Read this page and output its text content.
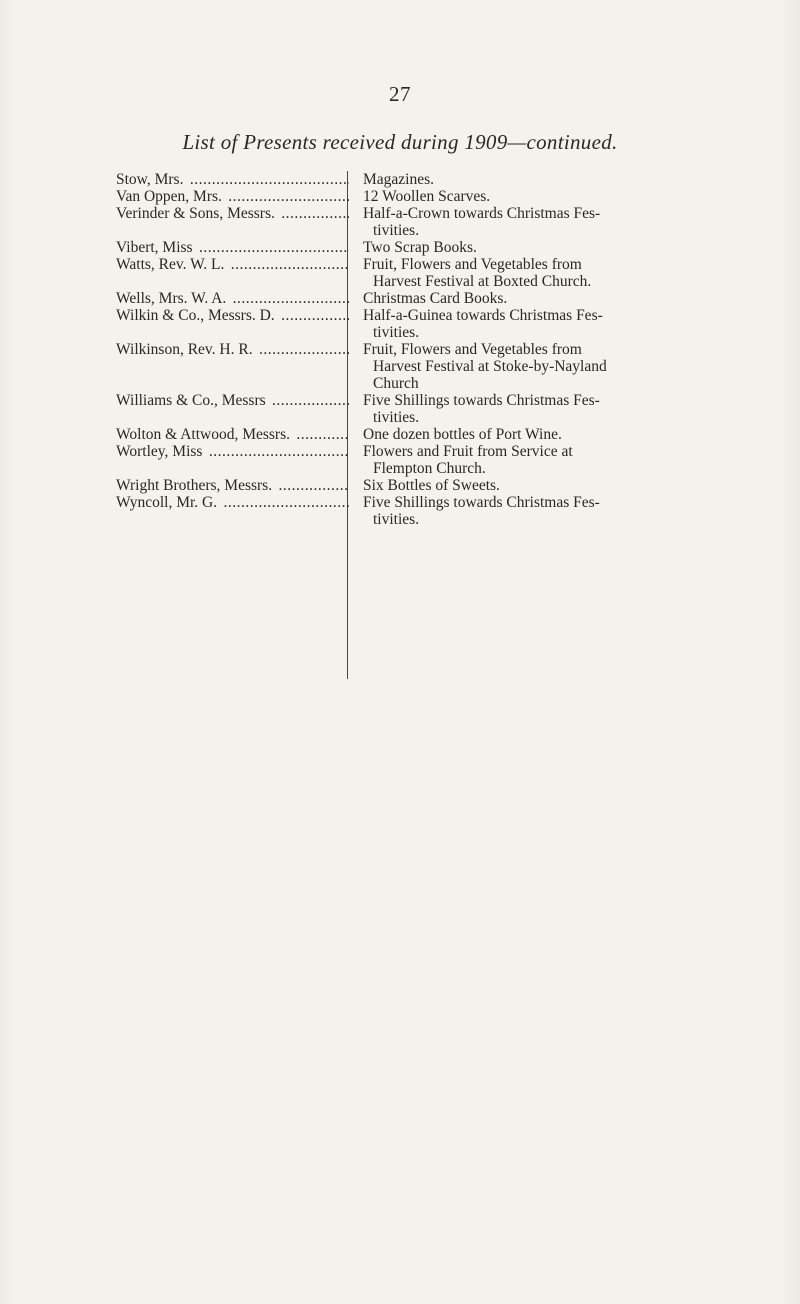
27
List of Presents received during 1909—continued.
Stow, Mrs. .....	Magazines.
Van Oppen, Mrs. .....	12 Woollen Scarves.
Verinder & Sons, Messrs. .....	Half-a-Crown towards Christmas Fes-
tivities.
Vibert, Miss .....	Two Scrap Books.
Watts, Rev. W. L. .....	Fruit, Flowers and Vegetables from
Harvest Festival at Boxted Church.
Wells, Mrs. W. A. .....	Christmas Card Books.
Wilkin & Co., Messrs. D. .....	Half-a-Guinea towards Christmas Fes-
tivities.
Wilkinson, Rev. H. R. .....	Fruit, Flowers and Vegetables from
Harvest Festival at Stoke-by-Nayland
Church
Williams & Co., Messrs .....	Five Shillings towards Christmas Fes-
tivities.
Wolton & Attwood, Messrs. .....	One dozen bottles of Port Wine.
Wortley, Miss .....	Flowers and Fruit from Service at
Flempton Church.
Wright Brothers, Messrs. .....	Six Bottles of Sweets.
Wyncoll, Mr. G. .....	Five Shillings towards Christmas Fes-
tivities.
